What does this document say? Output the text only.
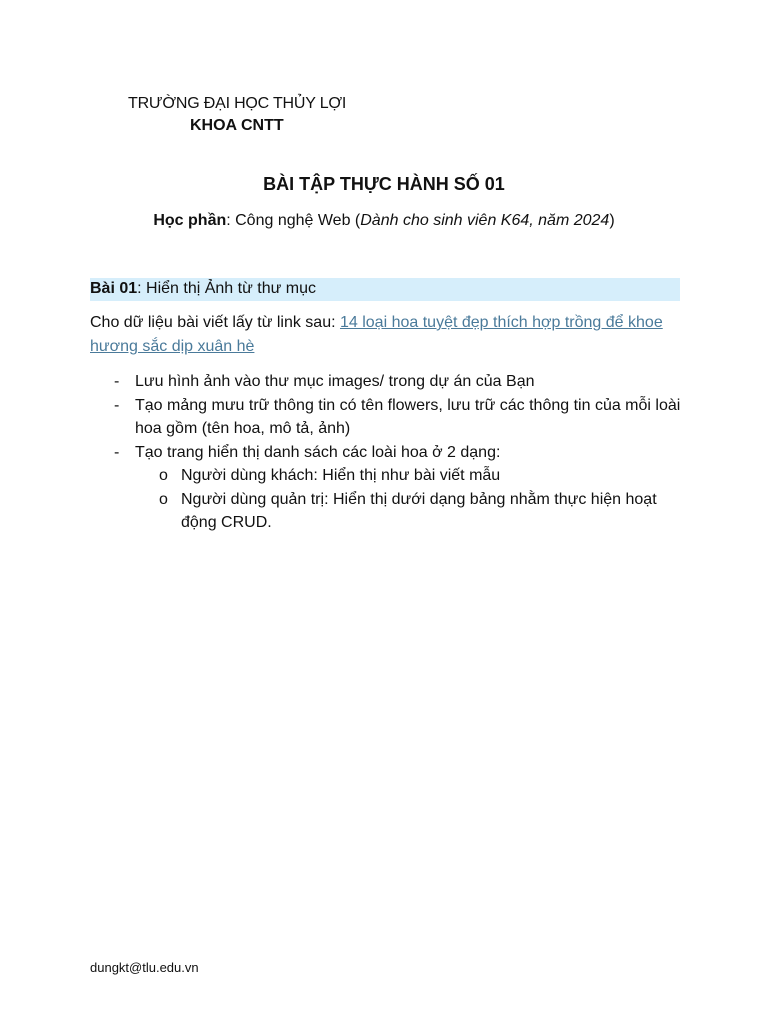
TRƯỜNG ĐẠI HỌC THỦY LỢI
KHOA CNTT
BÀI TẬP THỰC HÀNH SỐ 01
Học phần: Công nghệ Web (Dành cho sinh viên K64, năm 2024)
Bài 01: Hiển thị Ảnh từ thư mục
Cho dữ liệu bài viết lấy từ link sau: 14 loại hoa tuyệt đẹp thích hợp trồng để khoe hương sắc dịp xuân hè
- Lưu hình ảnh vào thư mục images/ trong dự án của Bạn
- Tạo mảng mưu trữ thông tin có tên flowers, lưu trữ các thông tin của mỗi loài hoa gồm (tên hoa, mô tả, ảnh)
- Tạo trang hiển thị danh sách các loài hoa ở 2 dạng:
o Người dùng khách: Hiển thị như bài viết mẫu
o Người dùng quản trị: Hiển thị dưới dạng bảng nhằm thực hiện hoạt động CRUD.
dungkt@tlu.edu.vn
